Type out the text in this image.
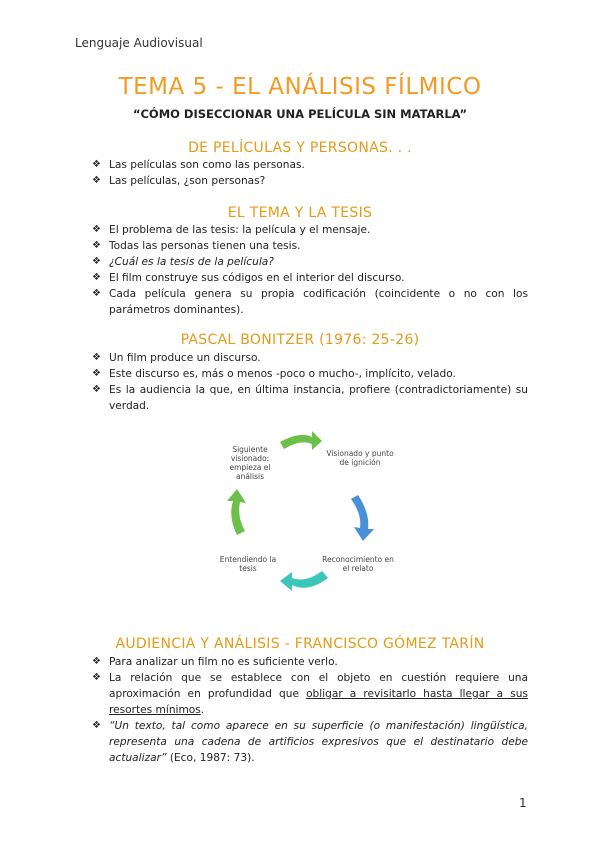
Lenguaje Audiovisual
TEMA 5 - EL ANÁLISIS FÍLMICO
“CÓMO DISECCIONAR UNA PELÍCULA SIN MATARLA”
DE PELÍCULAS Y PERSONAS. . .
❖ Las películas son como las personas.
❖ Las películas, ¿son personas?
EL TEMA Y LA TESIS
❖ El problema de las tesis: la película y el mensaje.
❖ Todas las personas tienen una tesis.
❖ ¿Cuál es la tesis de la película?
❖ El film construye sus códigos en el interior del discurso.
❖ Cada película genera su propia codificación (coincidente o no con los parámetros dominantes).
PASCAL BONITZER (1976: 25-26)
❖ Un film produce un discurso.
❖ Este discurso es, más o menos -poco o mucho-, implícito, velado.
❖ Es la audiencia la que, en última instancia, profiere (contradictoriamente) su verdad.
Visionado y punto de ignición
Reconocimiento en el relato
Entendiendo la tesis
Siguiente visionado: empieza el análisis
AUDIENCIA Y ANÁLISIS - FRANCISCO GÓMEZ TARÍN
❖ Para analizar un film no es suficiente verlo.
❖ La relación que se establece con el objeto en cuestión requiere una aproximación en profundidad que obligar a revisitarlo hasta llegar a sus resortes mínimos.
❖ “Un texto, tal como aparece en su superficie (o manifestación) lingüística, representa una cadena de artificios expresivos que el destinatario debe actualizar” (Eco, 1987: 73).
1
